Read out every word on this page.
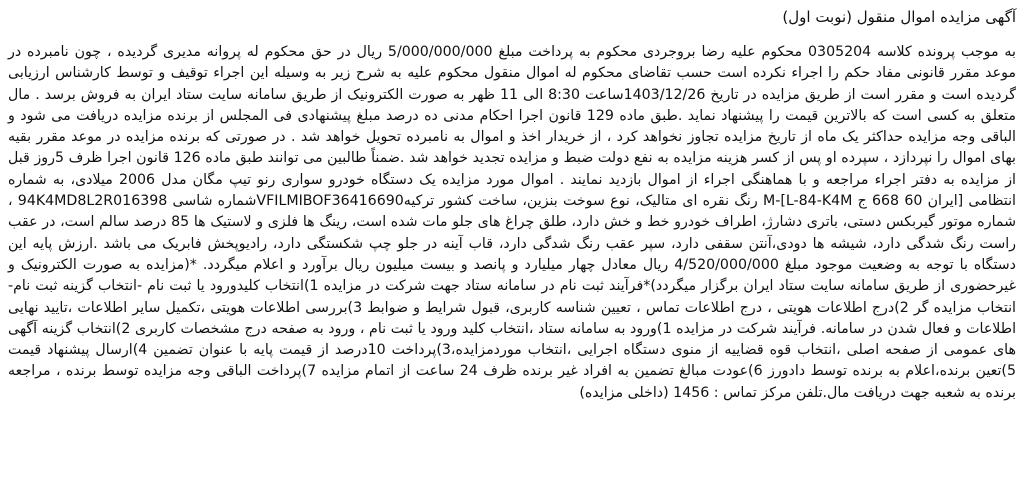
آگهی مزایده اموال منقول (نوبت اول)

به موجب پرونده کلاسه 0305204 محکوم علیه رضا بروجردی محکوم به پرداخت مبلغ 5/000/000/000 ریال در حق محکوم له پروانه مدیری گردیده ، چون نامبرده در موعد مقرر قانونی مفاد حکم را اجراء نکرده است حسب تقاضای محکوم له اموال منقول محکوم علیه به شرح زیر به وسیله این اجراء توقیف و توسط کارشناس ارزیابی گردیده است و مقرر است از طریق مزایده در تاریخ 1403/12/26ساعت 8:30 الی 11 ظهر به صورت الکترونیک از طریق سامانه سایت ستاد ایران به فروش برسد . مال متعلق به کسی است که بالاترین قیمت را پیشنهاد نماید .طبق ماده 129 قانون اجرا احکام مدنی ده درصد مبلغ پیشنهادی فی المجلس از برنده مزایده دریافت می شود و الباقی وجه مزایده حداکثر یک ماه از تاریخ مزایده تجاوز نخواهد کرد ، از خریدار اخذ و اموال به نامبرده تحویل خواهد شد . در صورتی که برنده مزایده در موعد مقرر بقیه بهای اموال را نپردازد ، سپرده او پس از کسر هزینه مزایده به نفع دولت ضبط و مزایده تجدید خواهد شد .ضمناً طالبین می توانند طبق ماده 126 قانون اجرا ظرف 5روز قبل از مزایده به دفتر اجراء مراجعه و با هماهنگی اجراء از اموال بازدید نمایند . اموال مورد مزایده یک دستگاه خودرو سواری رنو تیپ مگان مدل 2006 میلادی، به شماره انتظامی [ایران 60 668 ج L-84-K4M]-M رنگ نقره ای متالیک، نوع سوخت بنزین، ساخت کشور ترکیهVFILMIBOF36416690شماره شاسی 94K4MD8L2R016398 ، شماره موتور گیربکس دستی، باتری دشارژ، اطراف خودرو خط و خش دارد، طلق چراغ های جلو مات شده است، رینگ ها فلزی و لاستیک ها 85 درصد سالم است، در عقب راست رنگ شدگی دارد، شیشه ها دودی،آنتن سقفی دارد، سپر عقب رنگ شدگی دارد، قاب آینه در جلو چپ شکستگی دارد، رادیوپخش فابریک می باشد .ارزش پایه این دستگاه با توجه به وضعیت موجود مبلغ 4/520/000/000 ریال معادل چهار میلیارد و پانصد و بیست میلیون ریال برآورد و اعلام میگردد. *(مزایده به صورت الکترونیک و غیرحضوری از طریق سامانه سایت ستاد ایران برگزار میگردد)*فرآیند ثبت نام در سامانه ستاد جهت شرکت در مزایده 1)انتخاب کلیدورود یا ثبت نام -انتخاب گزینه ثبت نام-انتخاب مزایده گر 2)درج اطلاعات هویتی ، درج اطلاعات تماس ، تعیین شناسه کاربری، قبول شرایط و ضوابط 3)بررسی اطلاعات هویتی ،تکمیل سایر اطلاعات ،تایید نهایی اطلاعات و فعال شدن در سامانه. فرآیند شرکت در مزایده 1)ورود به سامانه ستاد ،انتخاب کلید ورود یا ثبت نام ، ورود به صفحه درج مشخصات کاربری 2)انتخاب گزینه آگهی های عمومی از صفحه اصلی ،انتخاب قوه قضاییه از منوی دستگاه اجرایی ،انتخاب موردمزایده،3)پرداخت 10درصد از قیمت پایه با عنوان تضمین 4)ارسال پیشنهاد قیمت 5)تعین برنده،اعلام به برنده توسط دادورز 6)عودت مبالغ تضمین به افراد غیر برنده ظرف 24 ساعت از اتمام مزایده 7)پرداخت الباقی وجه مزایده توسط برنده ، مراجعه برنده به شعبه جهت دریافت مال.تلفن مرکز تماس : 1456 (داخلی مزایده)
